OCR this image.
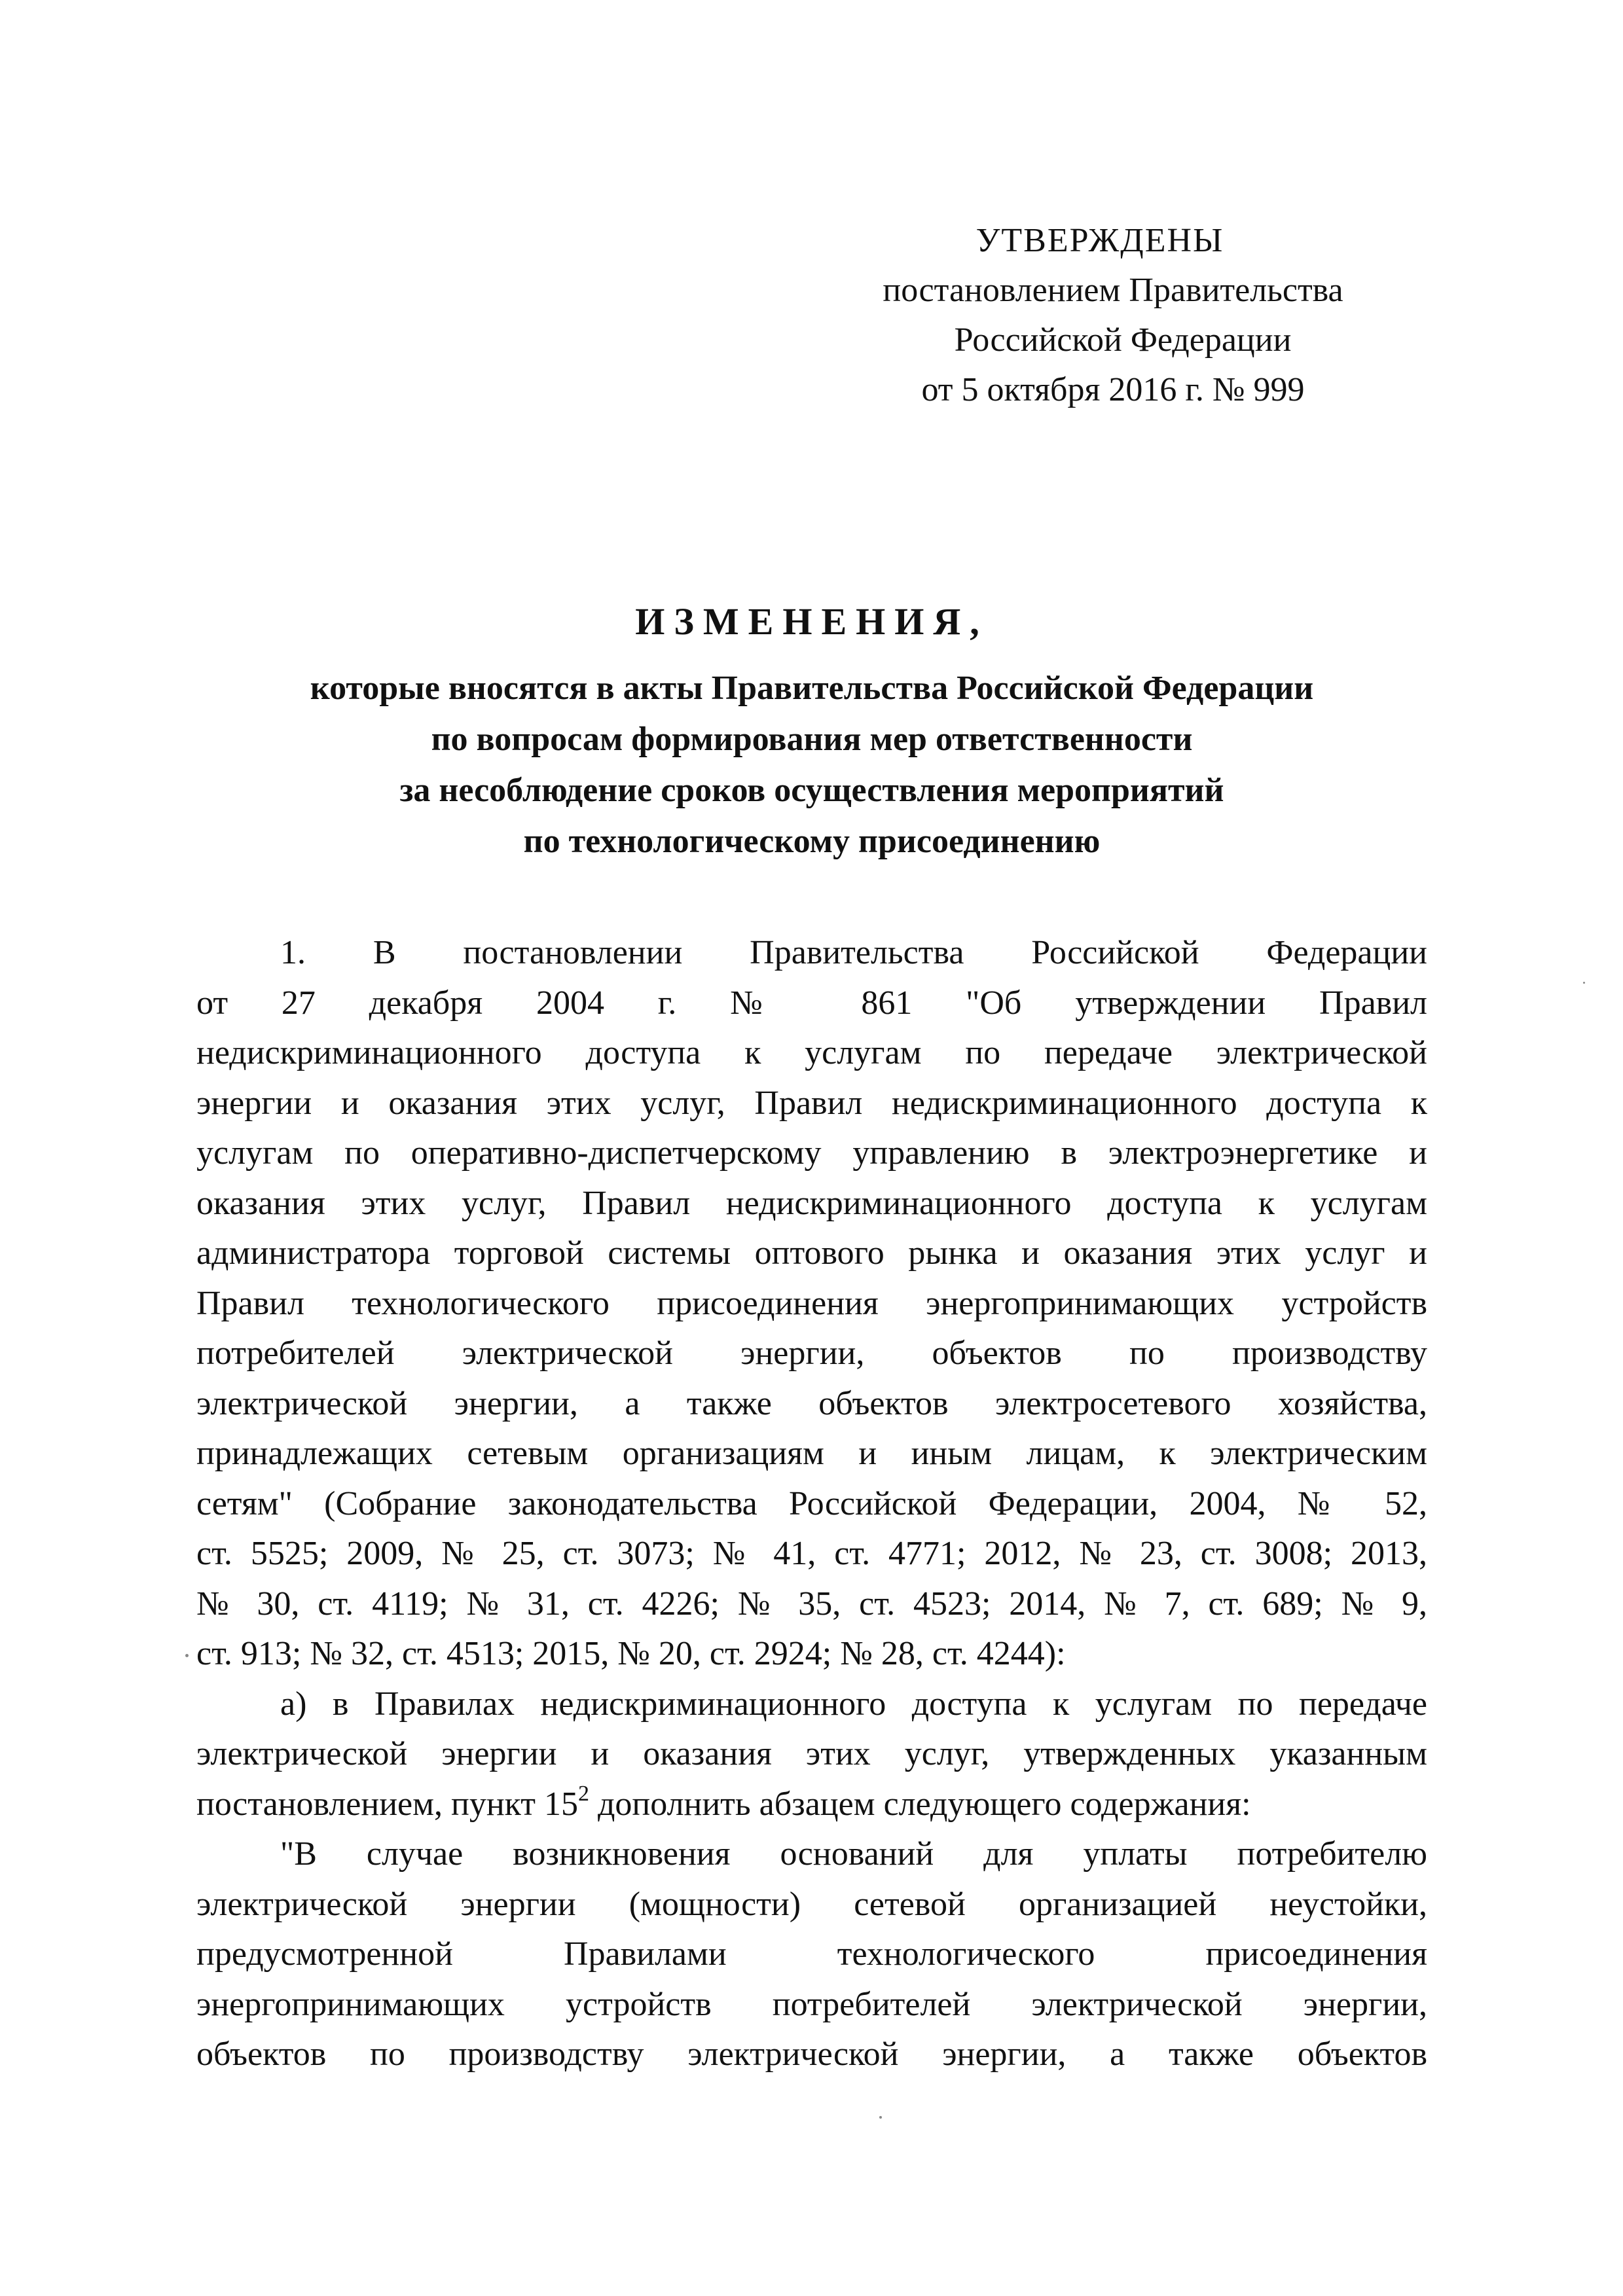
УТВЕРЖДЕНЫ
постановлением Правительства
Российской Федерации
от 5 октября 2016 г. № 999
ИЗМЕНЕНИЯ,
которые вносятся в акты Правительства Российской Федерации
по вопросам формирования мер ответственности
за несоблюдение сроков осуществления мероприятий
по технологическому присоединению
1. В постановлении Правительства Российской Федерации
от 27 декабря 2004 г. № 861 "Об утверждении Правил
недискриминационного доступа к услугам по передаче электрической
энергии и оказания этих услуг, Правил недискриминационного доступа к
услугам по оперативно-диспетчерскому управлению в электроэнергетике и
оказания этих услуг, Правил недискриминационного доступа к услугам
администратора торговой системы оптового рынка и оказания этих услуг и
Правил технологического присоединения энергопринимающих устройств
потребителей электрической энергии, объектов по производству
электрической энергии, а также объектов электросетевого хозяйства,
принадлежащих сетевым организациям и иным лицам, к электрическим
сетям" (Собрание законодательства Российской Федерации, 2004, № 52,
ст. 5525; 2009, № 25, ст. 3073; № 41, ст. 4771; 2012, № 23, ст. 3008; 2013,
№ 30, ст. 4119; № 31, ст. 4226; № 35, ст. 4523; 2014, № 7, ст. 689; № 9,
ст. 913; № 32, ст. 4513; 2015, № 20, ст. 2924; № 28, ст. 4244):
а) в Правилах недискриминационного доступа к услугам по передаче
электрической энергии и оказания этих услуг, утвержденных указанным
постановлением, пункт $15^2$ дополнить абзацем следующего содержания:
"В случае возникновения оснований для уплаты потребителю
электрической энергии (мощности) сетевой организацией неустойки,
предусмотренной Правилами технологического присоединения
энергопринимающих устройств потребителей электрической энергии,
объектов по производству электрической энергии, а также объектов
